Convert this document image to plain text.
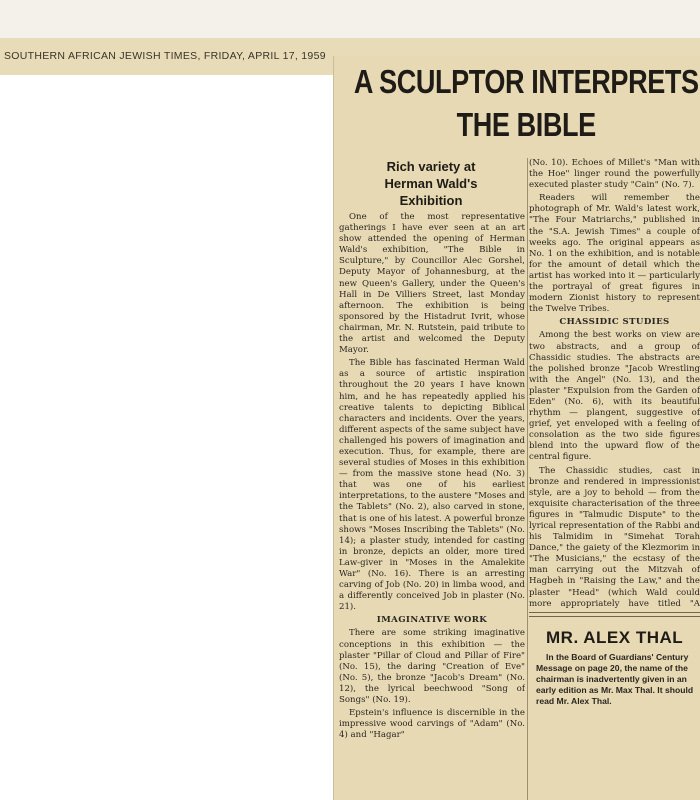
SOUTHERN AFRICAN JEWISH TIMES, FRIDAY, APRIL 17, 1959
A SCULPTOR INTERPRETS
THE BIBLE
Rich variety at
Herman Wald's
Exhibition

One of the most representative gatherings I have ever seen at an art show attended the opening of Herman Wald's exhibition, "The Bible in Sculpture," by Councillor Alec Gorshel, Deputy Mayor of Johannesburg, at the new Queen's Gallery, under the Queen's Hall in De Villiers Street, last Monday afternoon. The exhibition is being sponsored by the Histadrut Ivrit, whose chairman, Mr. N. Rutstein, paid tribute to the artist and welcomed the Deputy Mayor.

The Bible has fascinated Herman Wald as a source of artistic inspiration throughout the 20 years I have known him, and he has repeatedly applied his creative talents to depicting Biblical characters and incidents. Over the years, different aspects of the same subject have challenged his powers of imagination and execution. Thus, for example, there are several studies of Moses in this exhibition — from the massive stone head (No. 3) that was one of his earliest interpretations, to the austere "Moses and the Tablets" (No. 2), also carved in stone, that is one of his latest. A powerful bronze shows "Moses Inscribing the Tablets" (No. 14); a plaster study, intended for casting in bronze, depicts an older, more tired Law-giver in "Moses in the Amalekite War" (No. 16). There is an arresting carving of Job (No. 20) in limba wood, and a differently conceived Job in plaster (No. 21).

IMAGINATIVE WORK

There are some striking imaginative conceptions in this exhibition — the plaster "Pillar of Cloud and Pillar of Fire" (No. 15), the daring "Creation of Eve" (No. 5), the bronze "Jacob's Dream" (No. 12), the lyrical beechwood "Song of Songs" (No. 19).

Epstein's influence is discernible in the impressive wood carvings of "Adam" (No. 4) and "Hagar"

(No. 10). Echoes of Millet's "Man with the Hoe" linger round the powerfully executed plaster study "Cain" (No. 7).

Readers will remember the photograph of Mr. Wald's latest work, "The Four Matriarchs," published in the "S.A. Jewish Times" a couple of weeks ago. The original appears as No. 1 on the exhibition, and is notable for the amount of detail which the artist has worked into it — particularly the portrayal of great figures in modern Zionist history to represent the Twelve Tribes.

CHASSIDIC STUDIES

Among the best works on view are two abstracts, and a group of Chassidic studies. The abstracts are the polished bronze "Jacob Wrestling with the Angel" (No. 13), and the plaster "Expulsion from the Garden of Eden" (No. 6), with its beautiful rhythm — plangent, suggestive of grief, yet enveloped with a feeling of consolation as the two side figures blend into the upward flow of the central figure.

The Chassidic studies, cast in bronze and rendered in impressionist style, are a joy to behold — from the exquisite characterisation of the three figures in "Talmudic Dispute" to the lyrical representation of the Rabbi and his Talmidim in "Simehat Torah Dance," the gaiety of the Klezmorim in "The Musicians," the ecstasy of the man carrying out the Mitzvah of Hagbeh in "Raising the Law," and the plaster "Head" (which Wald could more appropriately have titled "A

MR. ALEX THAL

In the Board of Guardians' Century Message on page 20, the name of the chairman is inadvertently given in an early edition as Mr. Max Thal. It should read Mr. Alex Thal.
